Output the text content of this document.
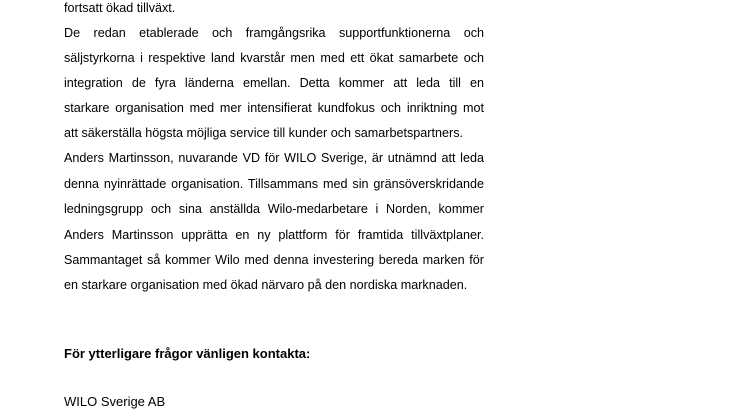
fortsatt ökad tillväxt.
De redan etablerade och framgångsrika supportfunktionerna och
säljstyrkorna i respektive land kvarstår men med ett ökat samarbete och
integration de fyra länderna emellan. Detta kommer att leda till en
starkare organisation med mer intensifierat kundfokus och inriktning mot
att säkerställa högsta möjliga service till kunder och samarbetspartners.
Anders Martinsson, nuvarande VD för WILO Sverige, är utnämnd att leda
denna nyinrättade organisation. Tillsammans med sin gränsöverskridande
ledningsgrupp och sina anställda Wilo-medarbetare i Norden, kommer
Anders Martinsson upprätta en ny plattform för framtida tillväxtplaner.
Sammantaget så kommer Wilo med denna investering bereda marken för
en starkare organisation med ökad närvaro på den nordiska marknaden.
För ytterligare frågor vänligen kontakta:
WILO Sverige AB
